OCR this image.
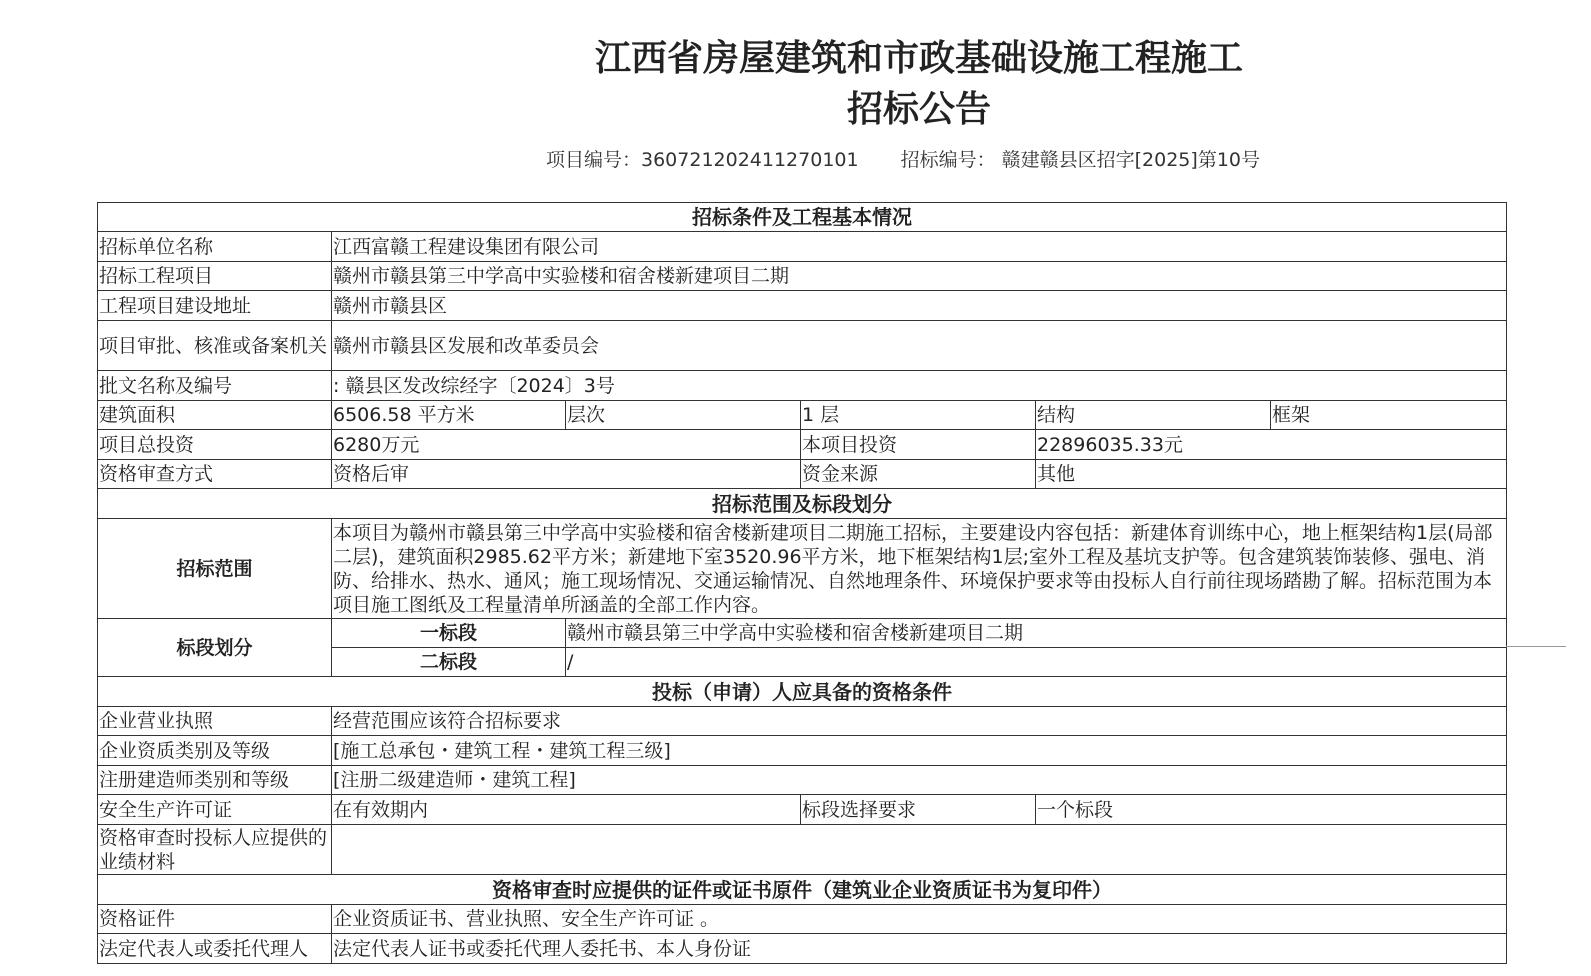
江西省房屋建筑和市政基础设施工程施工
招标公告
项目编号：360721202411270101 招标编号： 赣建赣县区招字[2025]第10号
招标条件及工程基本情况					
招标单位名称	江西富赣工程建设集团有限公司				
招标工程项目	赣州市赣县第三中学高中实验楼和宿舍楼新建项目二期				
工程项目建设地址	赣州市赣县区				
项目审批、核准或备案机关	赣州市赣县区发展和改革委员会				
批文名称及编号	: 赣县区发改综经字〔2024〕3号				
建筑面积	6506.58 平方米	层次	1 层	结构	框架
项目总投资	6280万元		本项目投资	22896035.33元	
资格审查方式	资格后审		资金来源	其他	
招标范围及标段划分					
招标范围	本项目为赣州市赣县第三中学高中实验楼和宿舍楼新建项目二期施工招标，主要建设内容包括：新建体育训练中心，地上框架结构1层(局部二层)，建筑面积2985.62平方米；新建地下室3520.96平方米，地下框架结构1层;室外工程及基坑支护等。包含建筑装饰装修、强电、消防、给排水、热水、通风；施工现场情况、交通运输情况、自然地理条件、环境保护要求等由投标人自行前往现场踏勘了解。招标范围为本项目施工图纸及工程量清单所涵盖的全部工作内容。				
标段划分	一标段	赣州市赣县第三中学高中实验楼和宿舍楼新建项目二期			
	二标段	/			
投标（申请）人应具备的资格条件					
企业营业执照	经营范围应该符合招标要求				
企业资质类别及等级	[施工总承包・建筑工程・建筑工程三级]				
注册建造师类别和等级	[注册二级建造师・建筑工程]				
安全生产许可证	在有效期内		标段选择要求	一个标段	
资格审查时投标人应提供的业绩材料					
资格审查时应提供的证件或证书原件（建筑业企业资质证书为复印件）					
资格证件	企业资质证书、营业执照、安全生产许可证 。				
法定代表人或委托代理人	法定代表人证书或委托代理人委托书、本人身份证				
